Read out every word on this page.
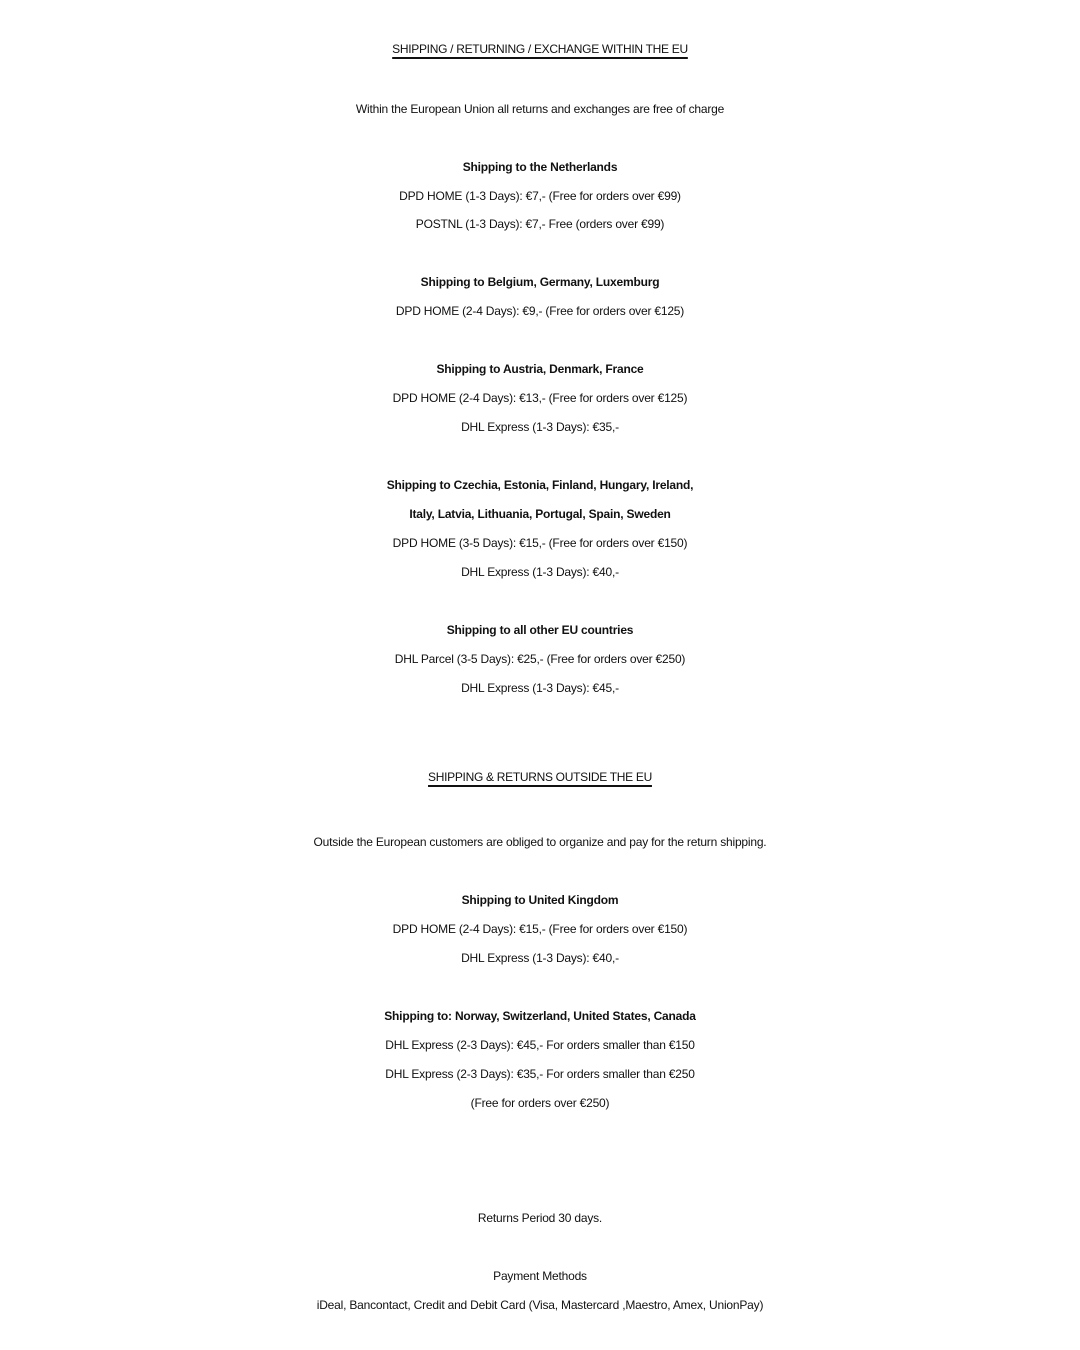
SHIPPING / RETURNING / EXCHANGE WITHIN THE EU
Within the European Union all returns and exchanges are free of charge
Shipping to the Netherlands
DPD HOME (1-3 Days): €7,- (Free for orders over €99)
POSTNL (1-3 Days): €7,- Free (orders over €99)
Shipping to Belgium, Germany, Luxemburg
DPD HOME (2-4 Days): €9,- (Free for orders over €125)
Shipping to Austria, Denmark, France
DPD HOME (2-4 Days): €13,- (Free for orders over €125)
DHL Express (1-3 Days): €35,-
Shipping to Czechia, Estonia, Finland, Hungary, Ireland,
Italy, Latvia, Lithuania, Portugal, Spain, Sweden
DPD HOME (3-5 Days): €15,- (Free for orders over €150)
DHL Express (1-3 Days): €40,-
Shipping to all other EU countries
DHL Parcel (3-5 Days): €25,- (Free for orders over €250)
DHL Express (1-3 Days): €45,-
SHIPPING & RETURNS OUTSIDE THE EU
Outside the European customers are obliged to organize and pay for the return shipping.
Shipping to United Kingdom
DPD HOME (2-4 Days): €15,- (Free for orders over €150)
DHL Express (1-3 Days): €40,-
Shipping to: Norway, Switzerland, United States, Canada
DHL Express (2-3 Days): €45,- For orders smaller than €150
DHL Express (2-3 Days): €35,- For orders smaller than €250
(Free for orders over €250)
Returns Period 30 days.
Payment Methods
iDeal, Bancontact, Credit and Debit Card (Visa, Mastercard ,Maestro, Amex, UnionPay)
